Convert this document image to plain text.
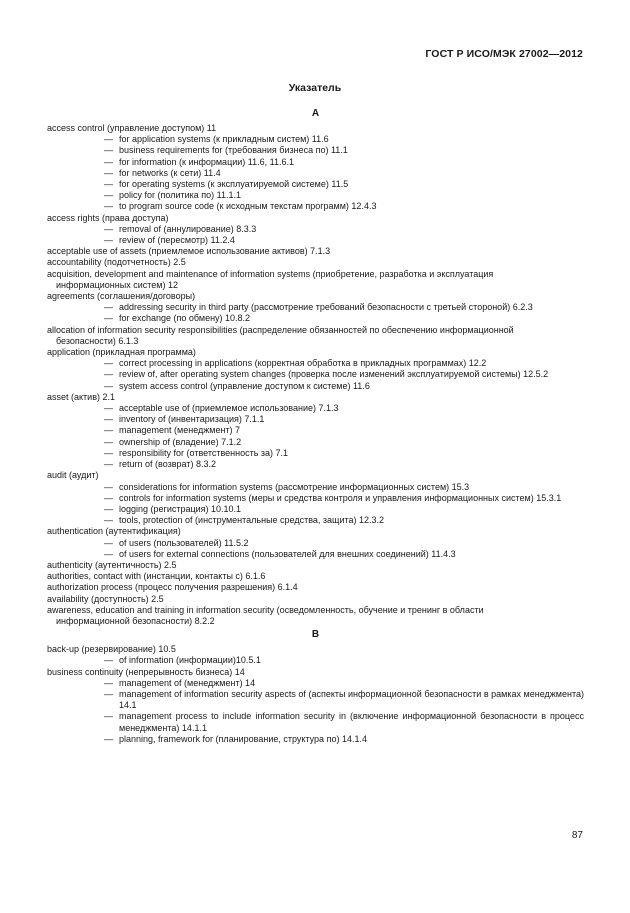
ГОСТ Р ИСО/МЭК 27002—2012
Указатель
A
access control (управление доступом) 11
— for application systems (к прикладным систем) 11.6
— business requirements for (требования бизнеса по) 11.1
— for information (к информации) 11.6, 11.6.1
— for networks (к сети) 11.4
— for operating systems (к эксплуатируемой системе) 11.5
— policy for (политика по) 11.1.1
— to program source code (к исходным текстам программ) 12.4.3
access rights (права доступа)
— removal of (аннулирование) 8.3.3
— review of (пересмотр) 11.2.4
acceptable use of assets (приемлемое использование активов) 7.1.3
accountability (подотчетность) 2.5
acquisition, development and maintenance of information systems (приобретение, разработка и эксплуатация
информационных систем) 12
agreements (соглашения/договоры)
— addressing security in third party (рассмотрение требований безопасности с третьей стороной) 6.2.3
— for exchange (по обмену) 10.8.2
allocation of information security responsibilities (распределение обязанностей по обеспечению информационной
безопасности) 6.1.3
application (прикладная программа)
— correct processing in applications (корректная обработка в прикладных программах) 12.2
— review of, after operating system changes (проверка после изменений эксплуатируемой системы) 12.5.2
— system access control (управление доступом к системе) 11.6
asset (актив) 2.1
— acceptable use of (приемлемое использование) 7.1.3
— inventory of (инвентаризация) 7.1.1
— management (менеджмент) 7
— ownership of (владение) 7.1.2
— responsibility for (ответственность за) 7.1
— return of (возврат) 8.3.2
audit (аудит)
— considerations for information systems (рассмотрение информационных систем) 15.3
— controls for information systems (меры и средства контроля и управления информационных систем) 15.3.1
— logging (регистрация) 10.10.1
— tools, protection of (инструментальные средства, защита) 12.3.2
authentication (аутентификация)
— of users (пользователей) 11.5.2
— of users for external connections (пользователей для внешних соединений) 11.4.3
authenticity (аутентичность) 2.5
authorities, contact with (инстанции, контакты с) 6.1.6
authorization process (процесс получения разрешения) 6.1.4
availability (доступность) 2.5
awareness, education and training in information security (осведомленность, обучение и тренинг в области
информационной безопасности) 8.2.2
B
back-up (резервирование) 10.5
— of information (информации)10.5.1
business continuity (непрерывность бизнеса) 14
— management of (менеджмент) 14
— management of information security aspects of (аспекты информационной безопасности в рамках менеджмента) 14.1
— management process to include information security in (включение информационной безопасности в процесс менеджмента) 14.1.1
— planning, framework for (планирование, структура по) 14.1.4
87
